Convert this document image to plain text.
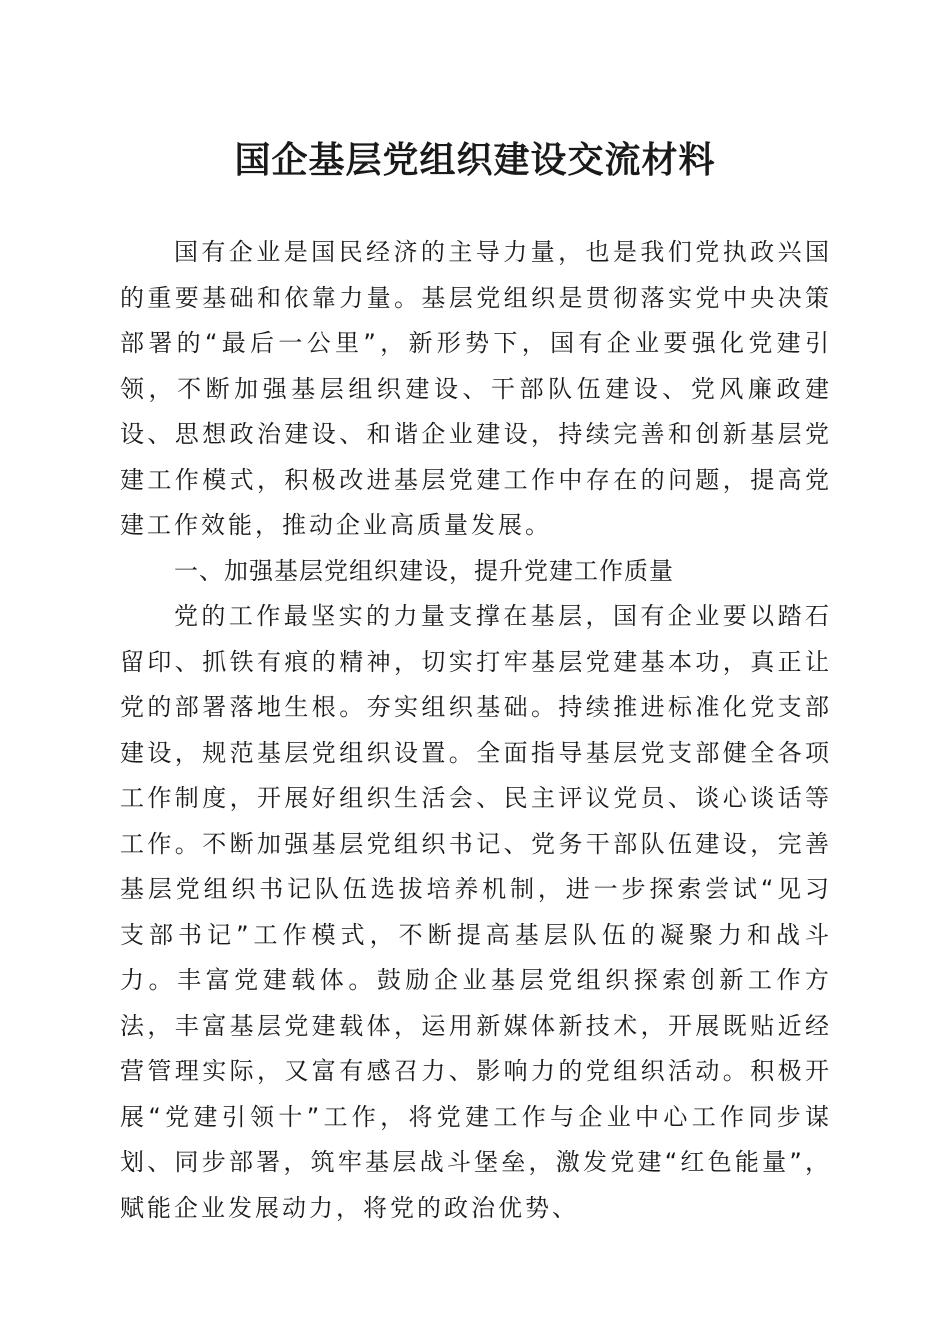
国企基层党组织建设交流材料

国有企业是国民经济的主导力量，也是我们党执政兴国的重要基础和依靠力量。基层党组织是贯彻落实党中央决策部署的“最后一公里”，新形势下，国有企业要强化党建引领，不断加强基层组织建设、干部队伍建设、党风廉政建设、思想政治建设、和谐企业建设，持续完善和创新基层党建工作模式，积极改进基层党建工作中存在的问题，提高党建工作效能，推动企业高质量发展。

一、加强基层党组织建设，提升党建工作质量

党的工作最坚实的力量支撑在基层，国有企业要以踏石留印、抓铁有痕的精神，切实打牢基层党建基本功，真正让党的部署落地生根。夯实组织基础。持续推进标准化党支部建设，规范基层党组织设置。全面指导基层党支部健全各项工作制度，开展好组织生活会、民主评议党员、谈心谈话等工作。不断加强基层党组织书记、党务干部队伍建设，完善基层党组织书记队伍选拔培养机制，进一步探索尝试“见习支部书记”工作模式，不断提高基层队伍的凝聚力和战斗力。丰富党建载体。鼓励企业基层党组织探索创新工作方法，丰富基层党建载体，运用新媒体新技术，开展既贴近经营管理实际，又富有感召力、影响力的党组织活动。积极开展“党建引领十”工作，将党建工作与企业中心工作同步谋划、同步部署，筑牢基层战斗堡垒，激发党建“红色能量”，赋能企业发展动力，将党的政治优势、
